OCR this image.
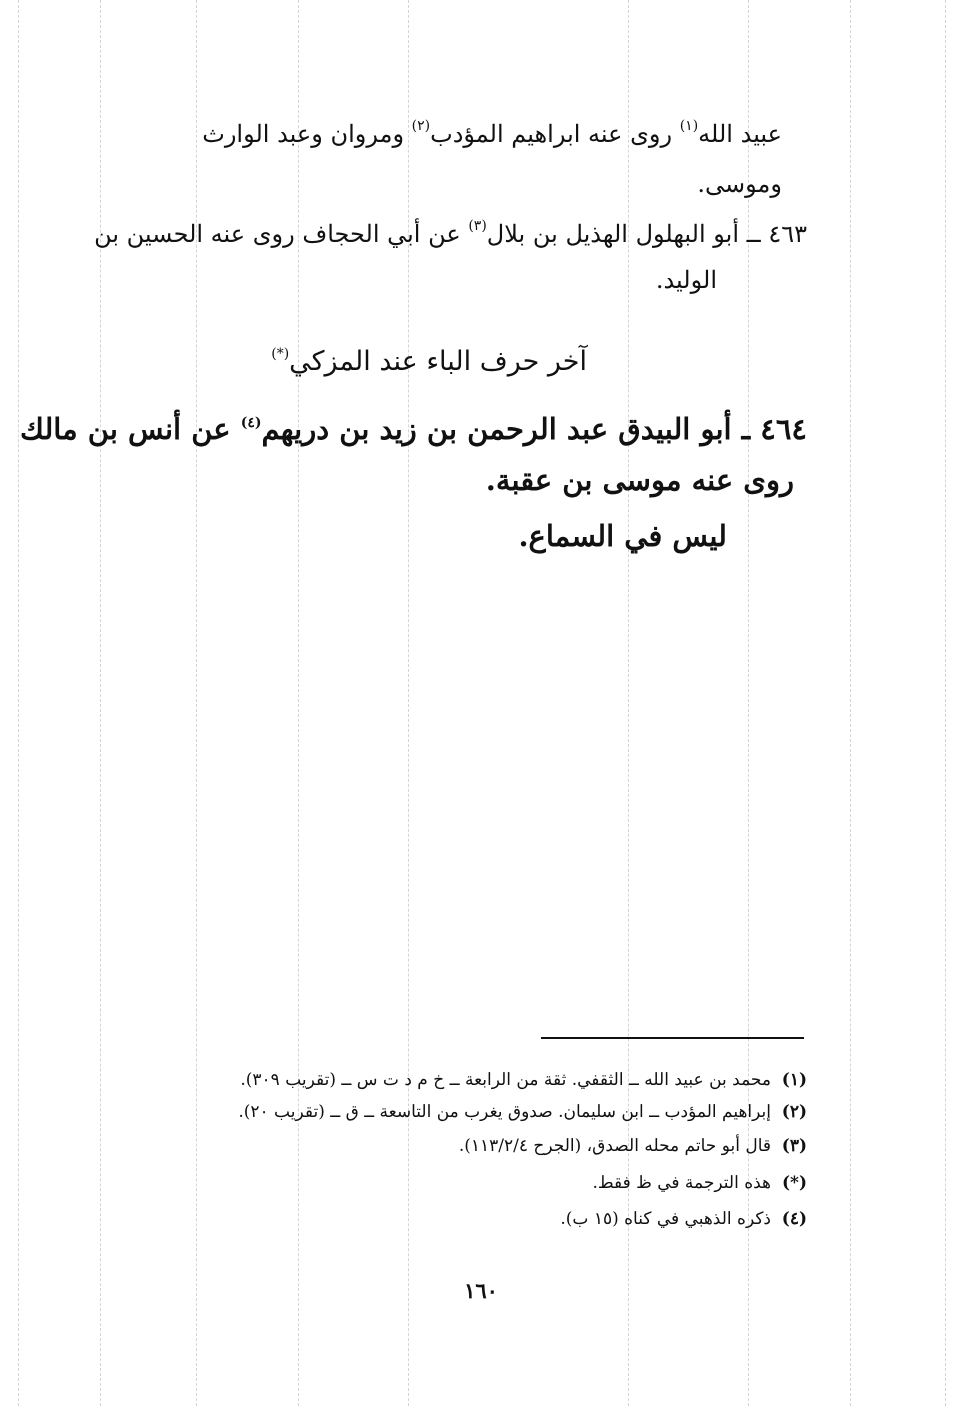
عبيد الله$^{(١)}$ روى عنه ابراهيم المؤدب$^{(٢)}$ ومروان وعبد الوارث
وموسى.
٤٦٣ ــ أبو البهلول الهذيل بن بلال$^{(٣)}$ عن أبي الحجاف روى عنه الحسين بن
الوليد.
آخر حرف الباء عند المزكي(*)
٤٦٤ ـ أبو البيدق عبد الرحمن بن زيد بن دريهم$^{(٤)}$ عن أنس بن مالك
روى عنه موسى بن عقبة.
ليس في السماع.
(١)محمد بن عبيد الله ــ الثقفي. ثقة من الرابعة ــ خ م د ت س ــ (تقريب ٣٠٩).
(٢)إبراهيم المؤدب ــ ابن سليمان. صدوق يغرب من التاسعة ــ ق ــ (تقريب ٢٠).
(٣)قال أبو حاتم محله الصدق، (الجرح ١١٣/٢/٤).
(*)هذه الترجمة في ظ فقط.
(٤)ذكره الذهبي في كناه (١٥ ب).
١٦٠
